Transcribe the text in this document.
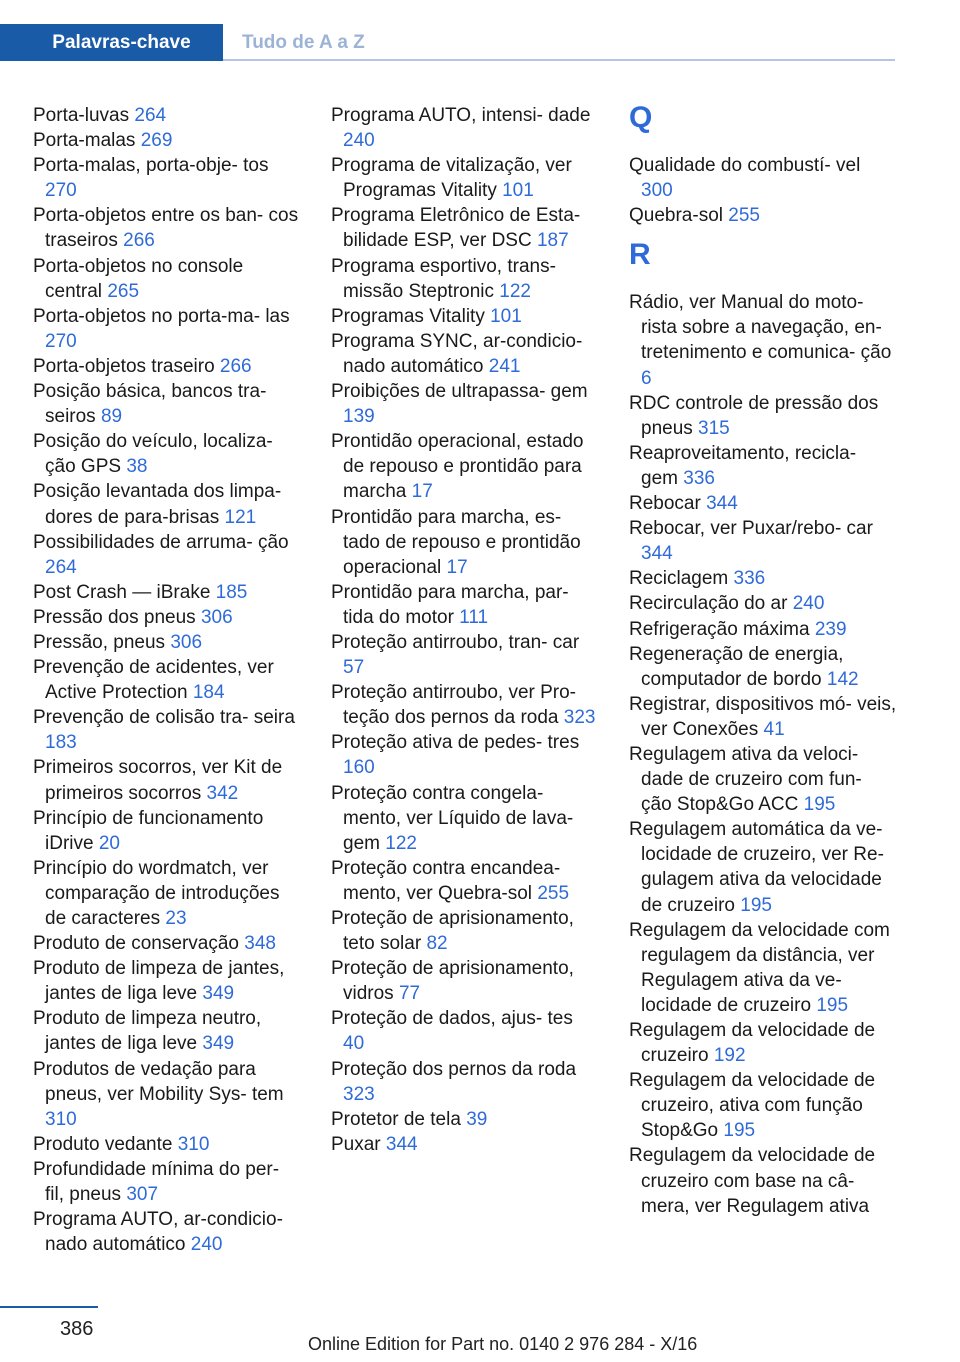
Palavras-chave	Tudo de A a Z
Porta-luvas 264
Porta-malas 269
Porta-malas, porta-obje‐ tos 270
Porta-objetos entre os ban‐ cos traseiros 266
Porta-objetos no console central 265
Porta-objetos no porta-ma‐ las 270
Porta-objetos traseiro 266
Posição básica, bancos tra‐ seiros 89
Posição do veículo, localiza‐ ção GPS 38
Posição levantada dos limpa‐ dores de para-brisas 121
Possibilidades de arruma‐ ção 264
Post Crash — iBrake 185
Pressão dos pneus 306
Pressão, pneus 306
Prevenção de acidentes, ver Active Protection 184
Prevenção de colisão tra‐ seira 183
Primeiros socorros, ver Kit de primeiros socorros 342
Princípio de funcionamento iDrive 20
Princípio do wordmatch, ver comparação de introduções de caracteres 23
Produto de conservação 348
Produto de limpeza de jantes, jantes de liga leve 349
Produto de limpeza neutro, jantes de liga leve 349
Produtos de vedação para pneus, ver Mobility Sys‐ tem 310
Produto vedante 310
Profundidade mínima do per‐ fil, pneus 307
Programa AUTO, ar-condicio‐ nado automático 240
Programa AUTO, intensi‐ dade 240
Programa de vitalização, ver Programas Vitality 101
Programa Eletrônico de Esta‐ bilidade ESP, ver DSC 187
Programa esportivo, trans‐ missão Steptronic 122
Programas Vitality 101
Programa SYNC, ar-condicio‐ nado automático 241
Proibições de ultrapassa‐ gem 139
Prontidão operacional, estado de repouso e prontidão para marcha 17
Prontidão para marcha, es‐ tado de repouso e prontidão operacional 17
Prontidão para marcha, par‐ tida do motor 111
Proteção antirroubo, tran‐ car 57
Proteção antirroubo, ver Pro‐ teção dos pernos da roda 323
Proteção ativa de pedes‐ tres 160
Proteção contra congela‐ mento, ver Líquido de lava‐ gem 122
Proteção contra encandea‐ mento, ver Quebra-sol 255
Proteção de aprisionamento, teto solar 82
Proteção de aprisionamento, vidros 77
Proteção de dados, ajus‐ tes 40
Proteção dos pernos da roda 323
Protetor de tela 39
Puxar 344
Q
Qualidade do combustí‐ vel 300
Quebra-sol 255
R
Rádio, ver Manual do moto‐ rista sobre a navegação, en‐ tretenimento e comunica‐ ção 6
RDC controle de pressão dos pneus 315
Reaproveitamento, recicla‐ gem 336
Rebocar 344
Rebocar, ver Puxar/rebo‐ car 344
Reciclagem 336
Recirculação do ar 240
Refrigeração máxima 239
Regeneração de energia, computador de bordo 142
Registrar, dispositivos mó‐ veis, ver Conexões 41
Regulagem ativa da veloci‐ dade de cruzeiro com fun‐ ção Stop&Go ACC 195
Regulagem automática da ve‐ locidade de cruzeiro, ver Re‐ gulagem ativa da velocidade de cruzeiro 195
Regulagem da velocidade com regulagem da distância, ver Regulagem ativa da ve‐ locidade de cruzeiro 195
Regulagem da velocidade de cruzeiro 192
Regulagem da velocidade de cruzeiro, ativa com função Stop&Go 195
Regulagem da velocidade de cruzeiro com base na câ‐ mera, ver Regulagem ativa
386
Online Edition for Part no. 0140 2 976 284 - X/16
